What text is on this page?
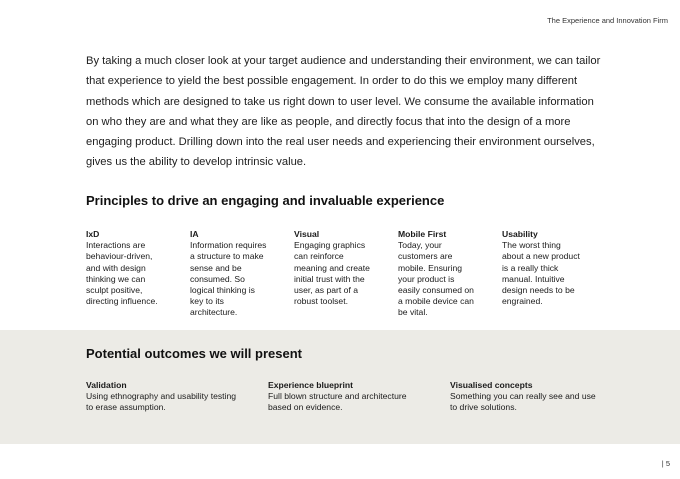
The Experience and Innovation Firm

By taking a much closer look at your target audience and understanding their environment, we can tailor that experience to yield the best possible engagement. In order to do this we employ many different methods which are designed to take us right down to user level. We consume the available information on who they are and what they are like as people, and directly focus that into the design of a more engaging product. Drilling down into the real user needs and experiencing their environment ourselves, gives us the ability to develop intrinsic value.

Principles to drive an engaging and invaluable experience
IxD
Interactions are behaviour-driven, and with design thinking we can sculpt positive, directing influence.
IA
Information requires a structure to make sense and be consumed. So logical thinking is key to its architecture.
Visual
Engaging graphics can reinforce meaning and create initial trust with the user, as part of a robust toolset.
Mobile First
Today, your customers are mobile. Ensuring your product is easily consumed on a mobile device can be vital.
Usability
The worst thing about a new product is a really thick manual. Intuitive design needs to be engrained.
Potential outcomes we will present
Validation
Using ethnography and usability testing to erase assumption.
Experience blueprint
Full blown structure and architecture based on evidence.
Visualised concepts
Something you can really see and use to drive solutions.
| 5
